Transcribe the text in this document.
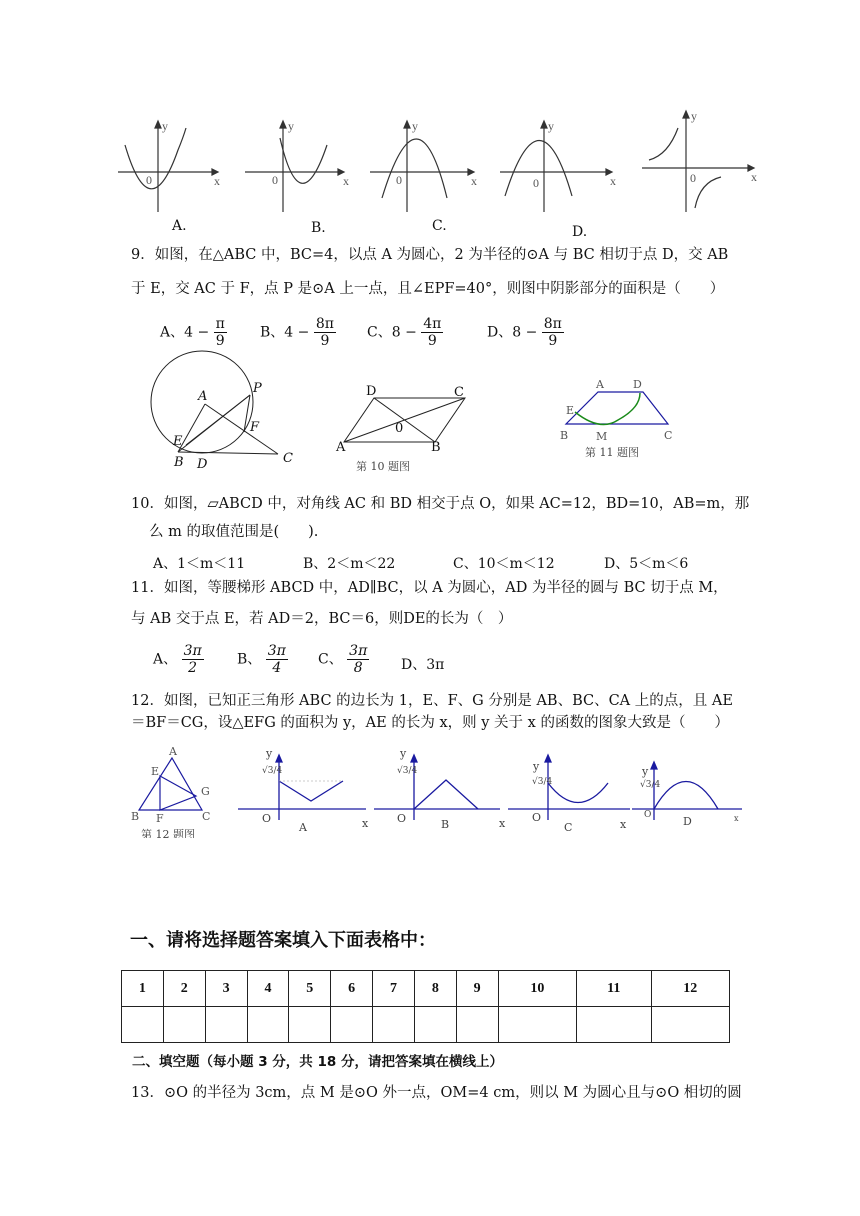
y
0	x
y
0	x
y
0	x
y
0	x
y
0	x
A.	B.	C.	D.
9．如图，在△ABC 中，BC=4，以点 A 为圆心，2 为半径的⊙A 与 BC 相切于点 D，交 AB
于 E，交 AC 于 F，点 P 是⊙A 上一点，且∠EPF=40°，则图中阴影部分的面积是（　　）
A、$4 - \frac{\pi}{9}$ B、$4 - \frac{8\pi}{9}$ C、$8 - \frac{4\pi}{9}$	D、$8 - \frac{8\pi}{9}$
A
P
F
E
B D	C
D	C
A	B
0
第 10 题图
A	D
E
B	M	C
第 11 题图
10．如图，▱ABCD 中，对角线 AC 和 BD 相交于点 O，如果 AC=12，BD=10，AB=m，那
么 m 的取值范围是(　　).
A、1＜m＜11	B、2＜m＜22	C、10＜m＜12	D、5＜m＜6
11．如图，等腰梯形 ABCD 中，AD∥BC，以 A 为圆心，AD 为半径的圆与 BC 切于点 M，
与 AB 交于点 E，若 AD＝2，BC＝6，则DE的长为（　）
A、 $\frac{3\pi}{2}$ B、 $\frac{3\pi}{4}$ C、 $\frac{3\pi}{8}$ D、3π
12．如图，已知正三角形 ABC 的边长为 1，E、F、G 分别是 AB、BC、CA 上的点，且 AE
＝BF＝CG，设△EFG 的面积为 y，AE 的长为 x，则 y 关于 x 的函数的图象大致是（　　）
A
E
G
B F	C
第 12 题图
y
√3/4
O
A	x
y
√3/4
O	B	x
y
√3/4
O
C	x
y
√3/4
O	D	x
一、请将选择题答案填入下面表格中：
1	2	3	4	5	6	7	8	9	10	11	12

二、填空题（每小题 3 分，共 18 分，请把答案填在横线上）
13．⊙O 的半径为 3cm，点 M 是⊙O 外一点，OM=4 cm，则以 M 为圆心且与⊙O 相切的圆
